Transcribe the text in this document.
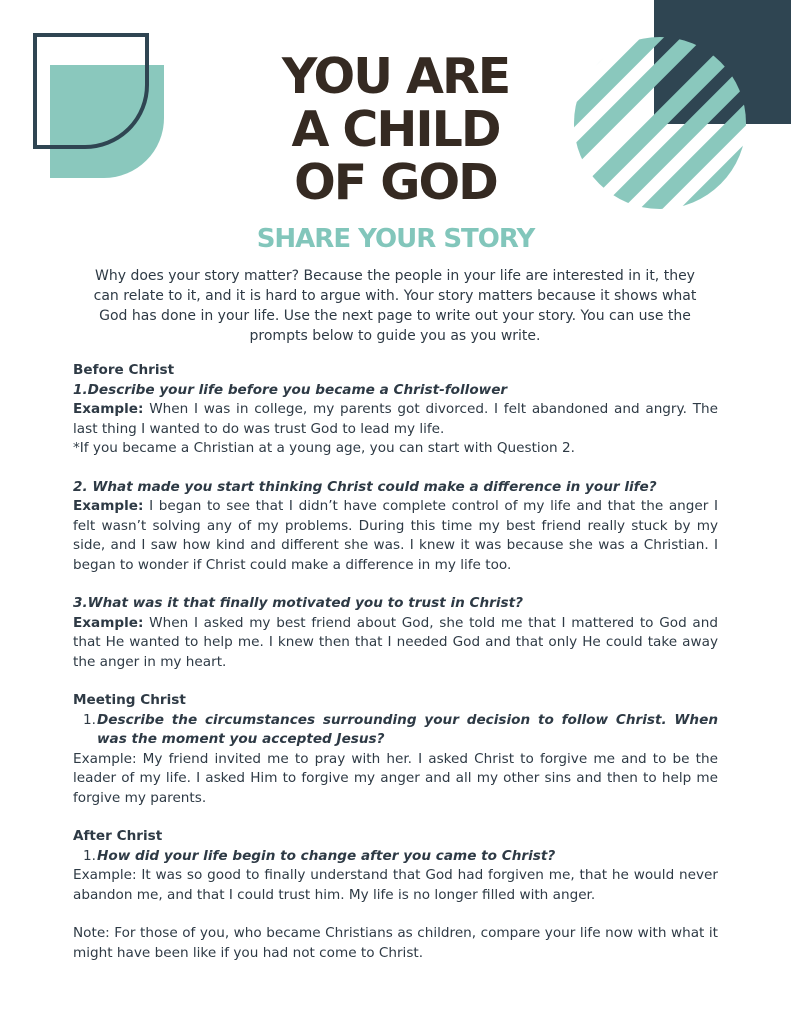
YOU ARE
A CHILD
OF GOD
SHARE YOUR STORY
Why does your story matter? Because the people in your life are interested in it, they can relate to it, and it is hard to argue with. Your story matters because it shows what God has done in your life. Use the next page to write out your story. You can use the prompts below to guide you as you write.

Before Christ

1.Describe your life before you became a Christ-follower

Example: When I was in college, my parents got divorced. I felt abandoned and angry. The last thing I wanted to do was trust God to lead my life.

*If you became a Christian at a young age, you can start with Question 2.

2. What made you start thinking Christ could make a difference in your life?

Example: I began to see that I didn’t have complete control of my life and that the anger I felt wasn’t solving any of my problems. During this time my best friend really stuck by my side, and I saw how kind and different she was. I knew it was because she was a Christian. I began to wonder if Christ could make a difference in my life too.

3.What was it that finally motivated you to trust in Christ?

Example: When I asked my best friend about God, she told me that I mattered to God and that He wanted to help me. I knew then that I needed God and that only He could take away the anger in my heart.

Meeting Christ

1. Describe the circumstances surrounding your decision to follow Christ. When was the moment you accepted Jesus?

Example: My friend invited me to pray with her. I asked Christ to forgive me and to be the leader of my life. I asked Him to forgive my anger and all my other sins and then to help me forgive my parents.

After Christ

1. How did your life begin to change after you came to Christ?

Example: It was so good to finally understand that God had forgiven me, that he would never abandon me, and that I could trust him. My life is no longer filled with anger.

Note: For those of you, who became Christians as children, compare your life now with what it might have been like if you had not come to Christ.
